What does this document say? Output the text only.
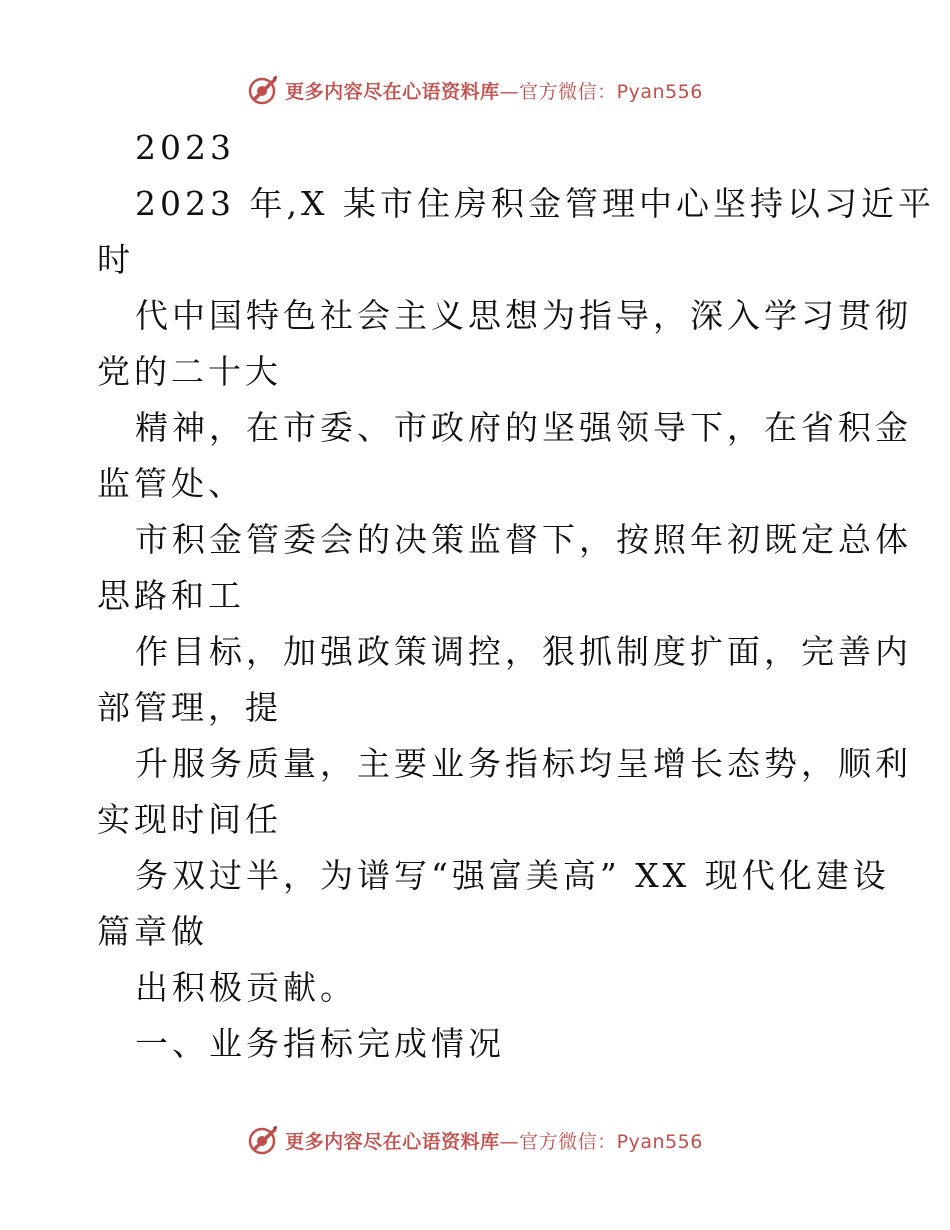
更多内容尽在心语资料库—官方微信：Pyan556
2023
2023 年,X 某市住房积金管理中心坚持以习近平
时
代中国特色社会主义思想为指导，深入学习贯彻
党的二十大
精神，在市委、市政府的坚强领导下，在省积金
监管处、
市积金管委会的决策监督下，按照年初既定总体
思路和工
作目标，加强政策调控，狠抓制度扩面，完善内
部管理，提
升服务质量，主要业务指标均呈增长态势，顺利
实现时间任
务双过半，为谱写“强富美高” XX 现代化建设
篇章做
出积极贡献。
一、业务指标完成情况
更多内容尽在心语资料库—官方微信：Pyan556
